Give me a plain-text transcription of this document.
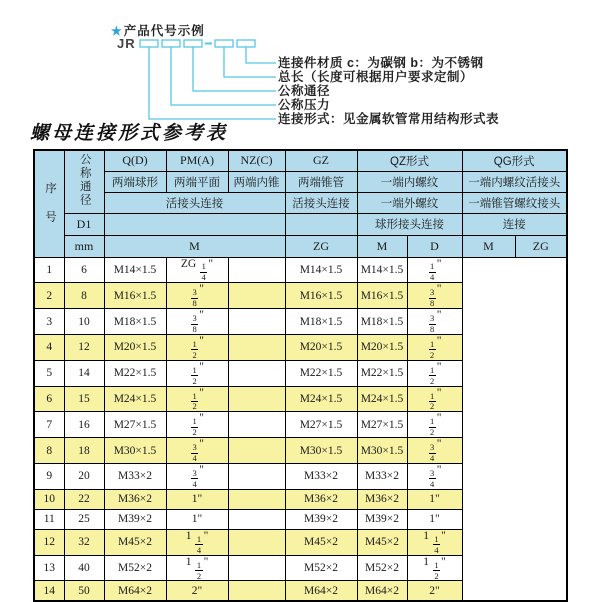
★产品代号示例
JR
连接件材质 c：为碳钢 b：为不锈钢
总长（长度可根据用户要求定制）
公称通径
公称压力
连接形式：见金属软管常用结构形式表
螺母连接形式参考表
序号	公称通径	Q(D)	PM(A)	NZ(C)	GZ	QZ形式		QG形式	
		两端球形	两端平面	两端内锥	两端锥管	一端内螺纹		一端内螺纹活接头	
		活接头连接			活接头连接	一端外螺纹		一端锥管螺纹接头	
	D1					球形接头连接		连接	
	mm	M			ZG	M	D	M	ZG
1	6	M14×1.5	ZG $\frac{1}{4}$ "		M14×1.5	M14×1.5	$\frac{1}{4}$ "		
2	8	M16×1.5	$\frac{3}{8}$ "		M16×1.5	M16×1.5	$\frac{3}{8}$ "		
3	10	M18×1.5	$\frac{3}{8}$ "		M18×1.5	M18×1.5	$\frac{3}{8}$ "		
4	12	M20×1.5	$\frac{1}{2}$ "		M20×1.5	M20×1.5	$\frac{1}{2}$ "		
5	14	M22×1.5	$\frac{1}{2}$ "		M22×1.5	M22×1.5	$\frac{1}{2}$ "		
6	15	M24×1.5	$\frac{1}{2}$ "		M24×1.5	M24×1.5	$\frac{1}{2}$ "		
7	16	M27×1.5	$\frac{1}{2}$ "		M27×1.5	M27×1.5	$\frac{1}{2}$ "		
8	18	M30×1.5	$\frac{3}{4}$ "		M30×1.5	M30×1.5	$\frac{3}{4}$ "		
9	20	M33×2	$\frac{3}{4}$ "		M33×2	M33×2	$\frac{3}{4}$ "		
10	22	M36×2	1"		M36×2	M36×2	1"		
11	25	M39×2	1"		M39×2	M39×2	1"		
12	32	M45×2	$1 \frac{1}{4}$ "		M45×2	M45×2	$1 \frac{1}{4}$ "		
13	40	M52×2	$1 \frac{1}{2}$ "		M52×2	M52×2	$1 \frac{1}{2}$ "		
14	50	M64×2	2"		M64×2	M64×2	2"		
